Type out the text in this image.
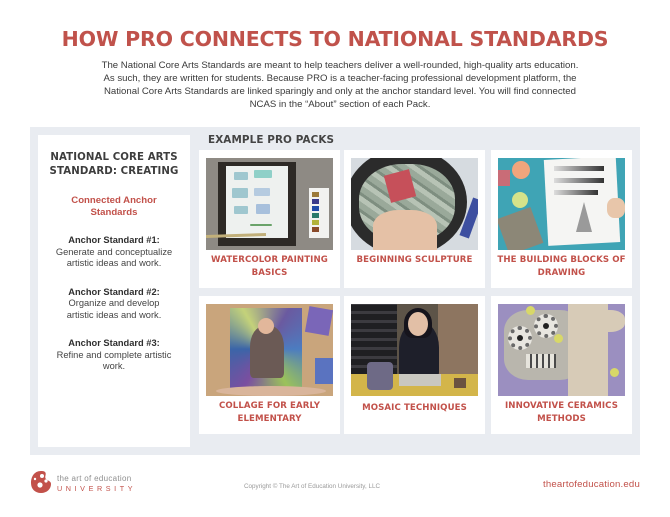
HOW PRO CONNECTS TO NATIONAL STANDARDS
The National Core Arts Standards are meant to help teachers deliver a well-rounded, high-quality arts education.
As such, they are written for students. Because PRO is a teacher-facing professional development platform, the
National Core Arts Standards are linked sparingly and only at the anchor standard level. You will find connected
NCAS in the “About” section of each Pack.
NATIONAL CORE ARTS
STANDARD: CREATING
Connected Anchor
Standards
Anchor Standard #1:
Generate and conceptualize
artistic ideas and work.
Anchor Standard #2:
Organize and develop
artistic ideas and work.
Anchor Standard #3:
Refine and complete artistic
work.
EXAMPLE PRO PACKS
WATERCOLOR PAINTING
BASICS
BEGINNING SCULPTURE	THE BUILDING BLOCKS OF
DRAWING
COLLAGE FOR EARLY
ELEMENTARY
MOSAIC TECHNIQUES	INNOVATIVE CERAMICS
METHODS
the art of education
UNIVERSITY	Copyright © The Art of Education University, LLC	theartofeducation.edu
